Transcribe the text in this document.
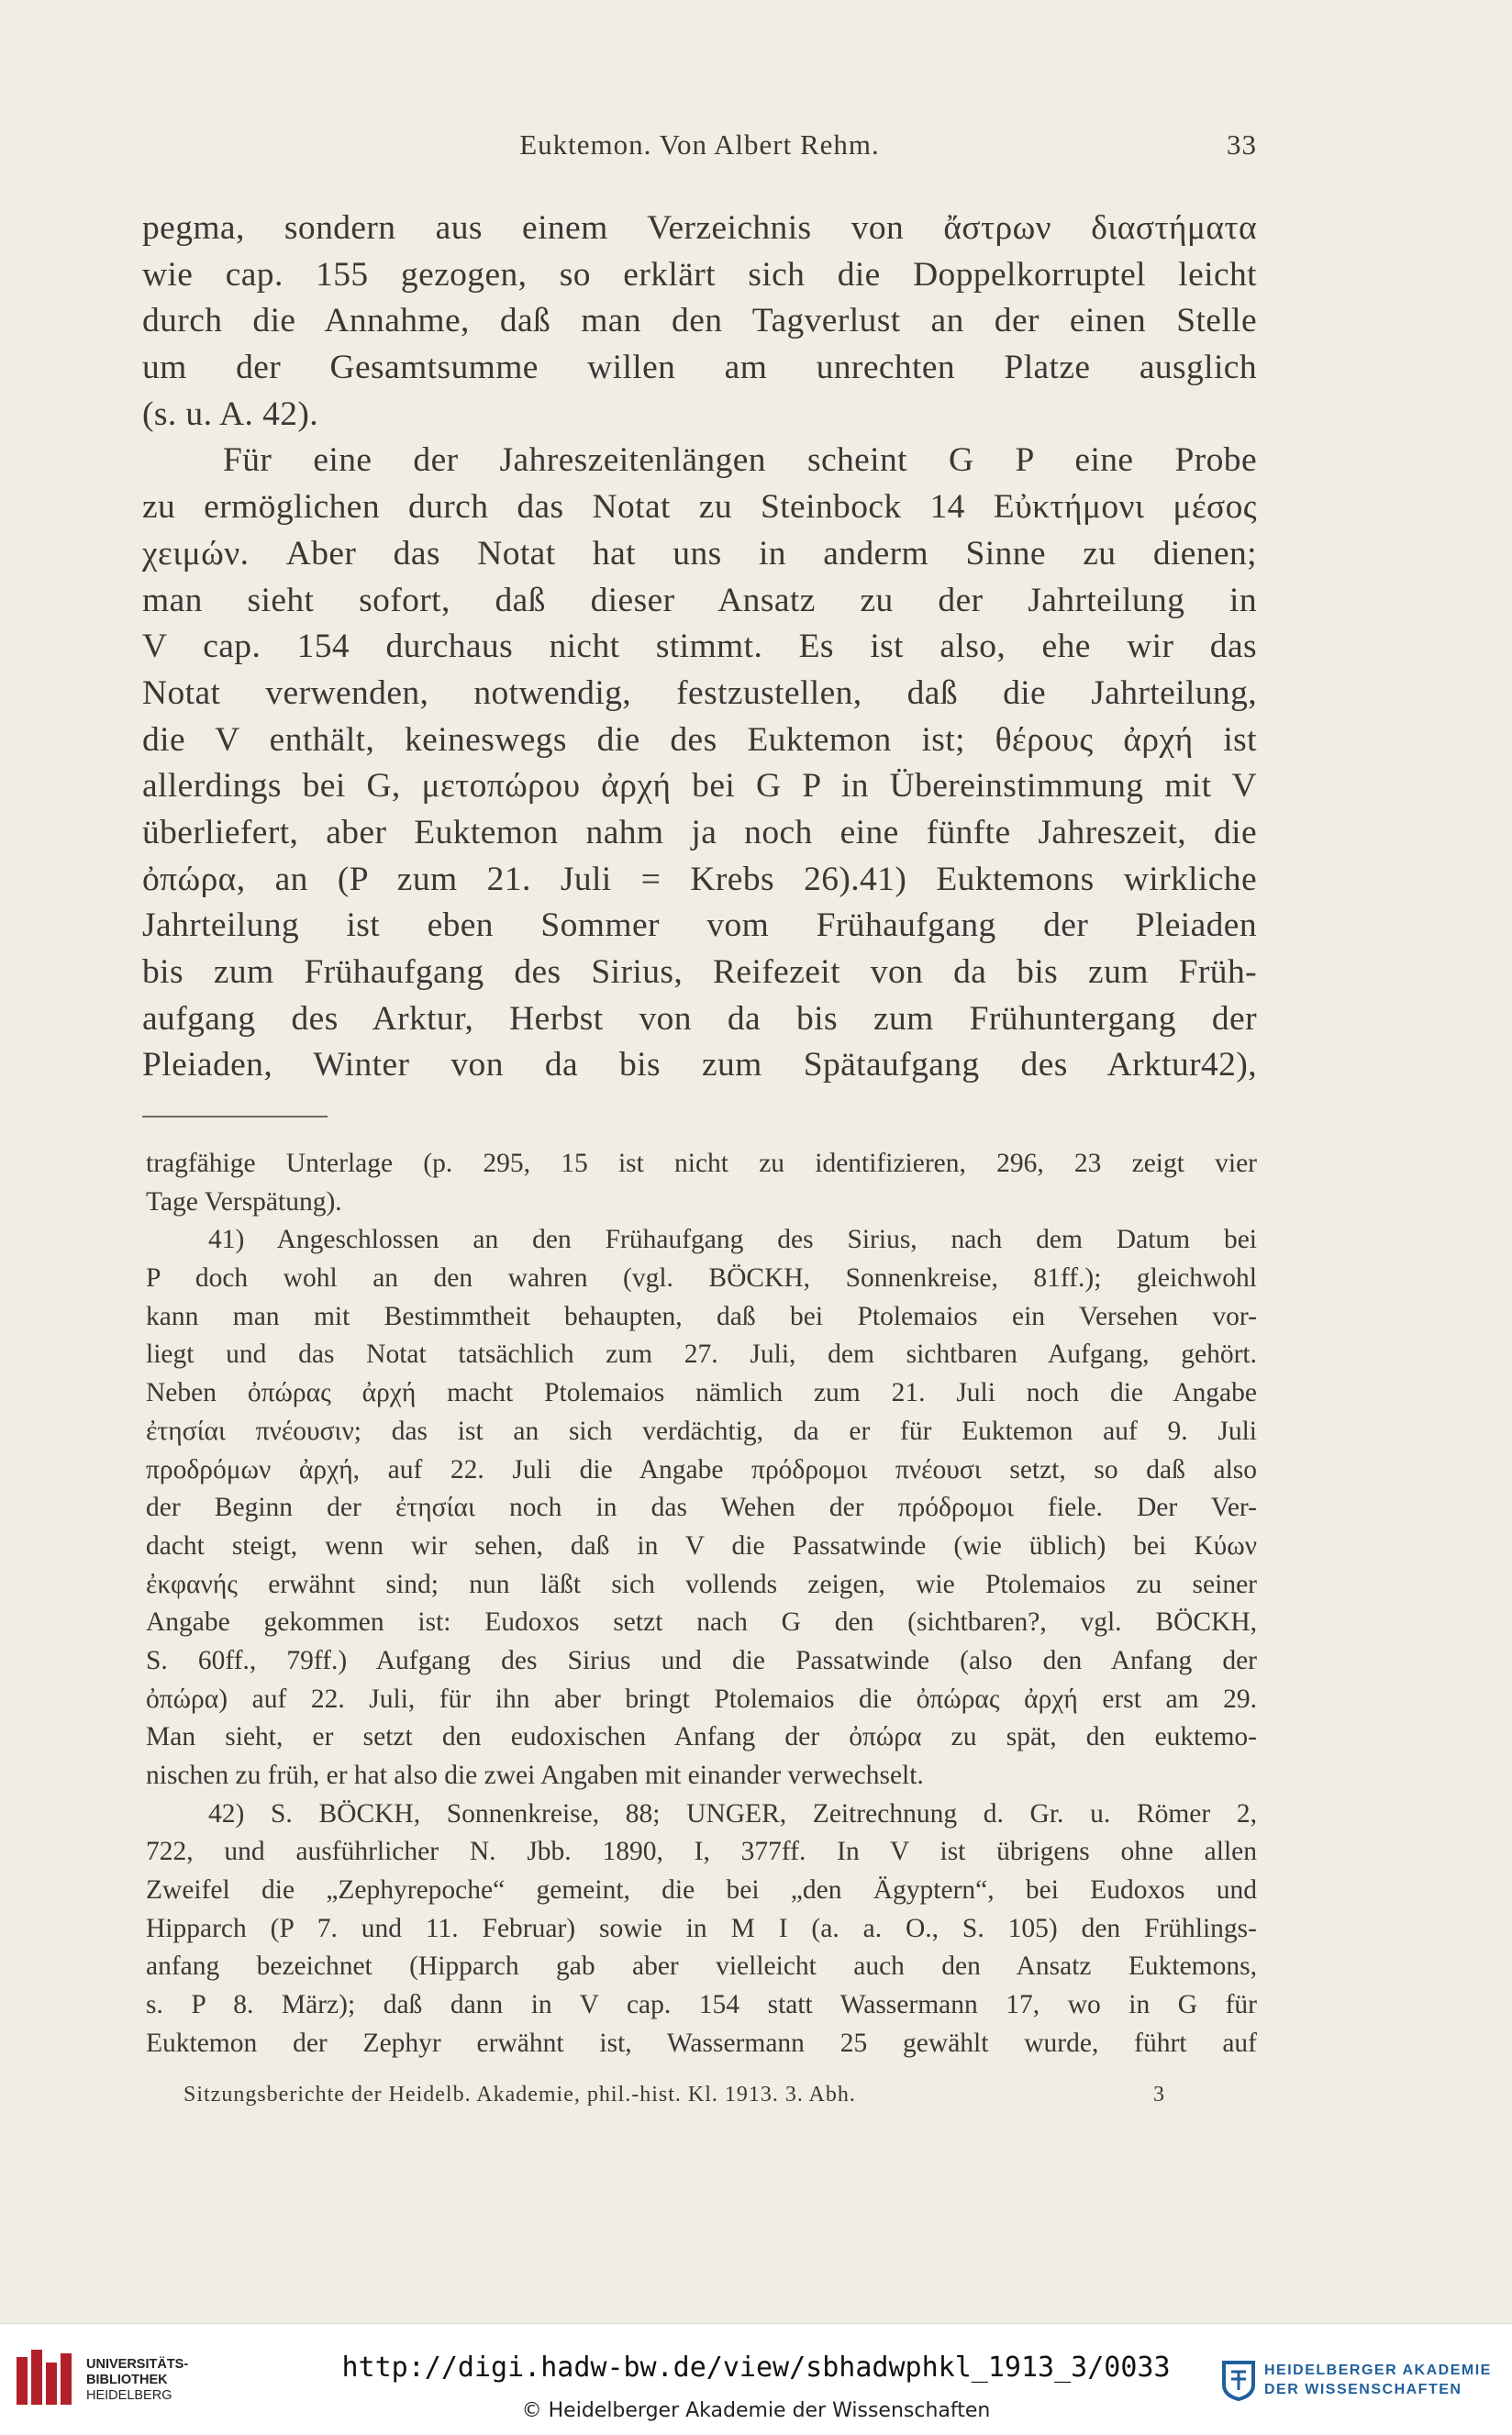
Euktemon. Von Albert Rehm.	33
pegma, sondern aus einem Verzeichnis von ἄστρων διαστήματα
wie cap. 155 gezogen, so erklärt sich die Doppelkorruptel leicht
durch die Annahme, daß man den Tagverlust an der einen Stelle
um der Gesamtsumme willen am unrechten Platze ausglich
(s. u. A. 42).
Für eine der Jahreszeitenlängen scheint G P eine Probe
zu ermöglichen durch das Notat zu Steinbock 14 Εὐκτήμονι μέσος
χειμών. Aber das Notat hat uns in anderm Sinne zu dienen;
man sieht sofort, daß dieser Ansatz zu der Jahrteilung in
V cap. 154 durchaus nicht stimmt. Es ist also, ehe wir das
Notat verwenden, notwendig, festzustellen, daß die Jahrteilung,
die V enthält, keineswegs die des Euktemon ist; θέρους ἀρχή ist
allerdings bei G, μετοπώρου ἀρχή bei G P in Übereinstimmung mit V
überliefert, aber Euktemon nahm ja noch eine fünfte Jahreszeit, die
ὀπώρα, an (P zum 21. Juli = Krebs 26).41) Euktemons wirkliche
Jahrteilung ist eben Sommer vom Frühaufgang der Pleiaden
bis zum Frühaufgang des Sirius, Reifezeit von da bis zum Früh-
aufgang des Arktur, Herbst von da bis zum Frühuntergang der
Pleiaden, Winter von da bis zum Spätaufgang des Arktur42),
tragfähige Unterlage (p. 295, 15 ist nicht zu identifizieren, 296, 23 zeigt vier
Tage Verspätung).
41) Angeschlossen an den Frühaufgang des Sirius, nach dem Datum bei
P doch wohl an den wahren (vgl. BÖCKH, Sonnenkreise, 81ff.); gleichwohl
kann man mit Bestimmtheit behaupten, daß bei Ptolemaios ein Versehen vor-
liegt und das Notat tatsächlich zum 27. Juli, dem sichtbaren Aufgang, gehört.
Neben ὀπώρας ἀρχή macht Ptolemaios nämlich zum 21. Juli noch die Angabe
ἐτησίαι πνέουσιν; das ist an sich verdächtig, da er für Euktemon auf 9. Juli
προδρόμων ἀρχή, auf 22. Juli die Angabe πρόδρομοι πνέουσι setzt, so daß also
der Beginn der ἐτησίαι noch in das Wehen der πρόδρομοι fiele. Der Ver-
dacht steigt, wenn wir sehen, daß in V die Passatwinde (wie üblich) bei Κύων
ἐκφανής erwähnt sind; nun läßt sich vollends zeigen, wie Ptolemaios zu seiner
Angabe gekommen ist: Eudoxos setzt nach G den (sichtbaren?, vgl. BÖCKH,
S. 60ff., 79ff.) Aufgang des Sirius und die Passatwinde (also den Anfang der
ὀπώρα) auf 22. Juli, für ihn aber bringt Ptolemaios die ὀπώρας ἀρχή erst am 29.
Man sieht, er setzt den eudoxischen Anfang der ὀπώρα zu spät, den euktemo-
nischen zu früh, er hat also die zwei Angaben mit einander verwechselt.
42) S. BÖCKH, Sonnenkreise, 88; UNGER, Zeitrechnung d. Gr. u. Römer 2,
722, und ausführlicher N. Jbb. 1890, I, 377ff. In V ist übrigens ohne allen
Zweifel die „Zephyrepoche“ gemeint, die bei „den Ägyptern“, bei Eudoxos und
Hipparch (P 7. und 11. Februar) sowie in M I (a. a. O., S. 105) den Frühlings-
anfang bezeichnet (Hipparch gab aber vielleicht auch den Ansatz Euktemons,
s. P 8. März); daß dann in V cap. 154 statt Wassermann 17, wo in G für
Euktemon der Zephyr erwähnt ist, Wassermann 25 gewählt wurde, führt auf
Sitzungsberichte der Heidelb. Akademie, phil.-hist. Kl. 1913. 3. Abh.	3
UNIVERSITÄTS-
BIBLIOTHEK
HEIDELBERG
http://digi.hadw-bw.de/view/sbhadwphkl_1913_3/0033
© Heidelberger Akademie der Wissenschaften
HEIDELBERGER AKADEMIE
DER WISSENSCHAFTEN
